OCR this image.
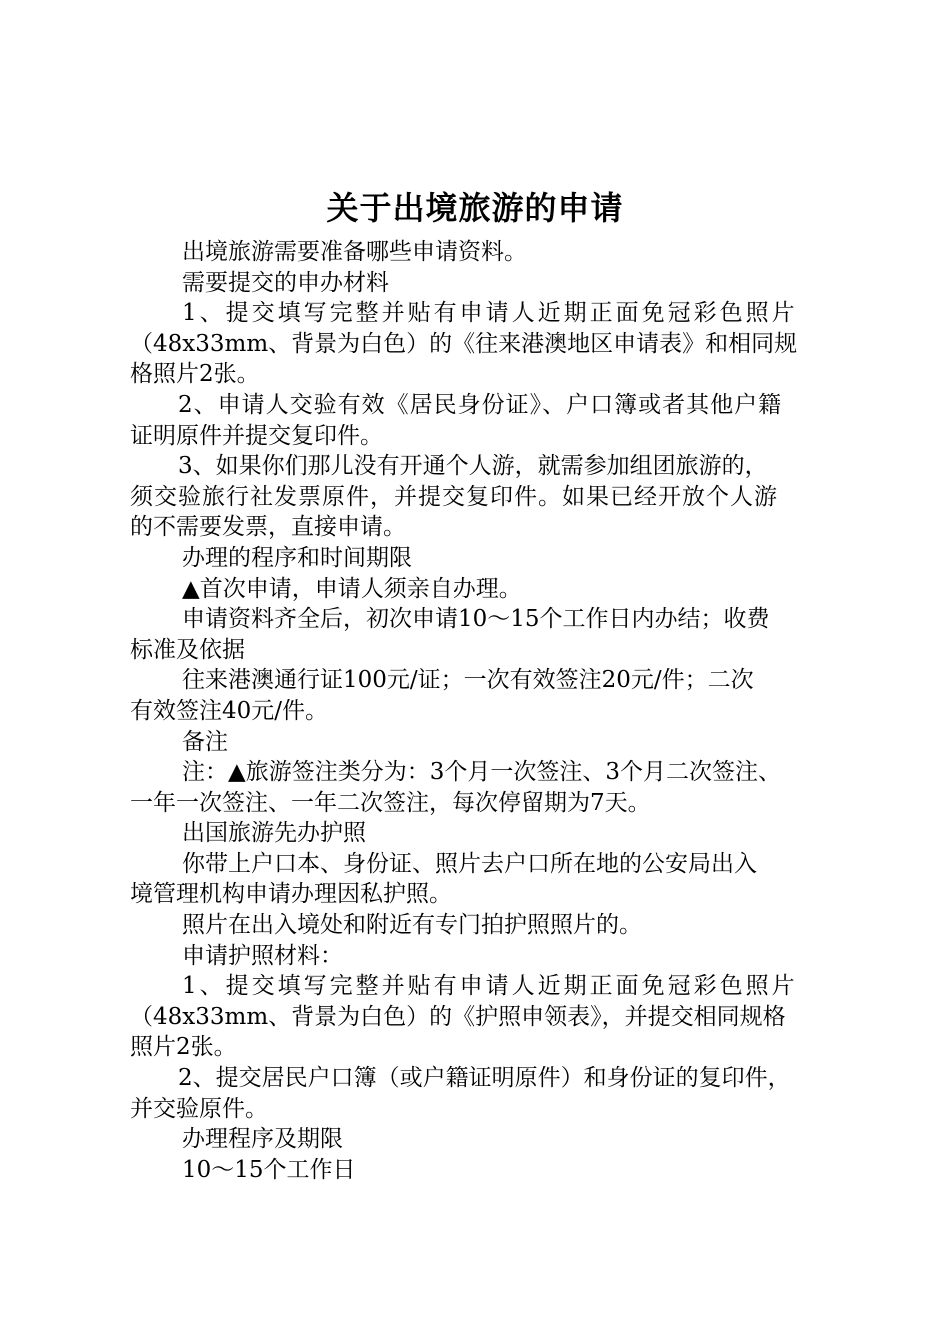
关于出境旅游的申请
出境旅游需要准备哪些申请资料。
需要提交的申办材料
1、提交填写完整并贴有申请人近期正面免冠彩色照片
（48x33mm、背景为白色）的《往来港澳地区申请表》和相同规
格照片2张。
2、申请人交验有效《居民身份证》、户口簿或者其他户籍
证明原件并提交复印件。
3、如果你们那儿没有开通个人游，就需参加组团旅游的，
须交验旅行社发票原件，并提交复印件。如果已经开放个人游
的不需要发票，直接申请。
办理的程序和时间期限
▲首次申请，申请人须亲自办理。
申请资料齐全后，初次申请10～15个工作日内办结；收费
标准及依据
往来港澳通行证100元/证；一次有效签注20元/件；二次
有效签注40元/件。
备注
注：▲旅游签注类分为：3个月一次签注、3个月二次签注、
一年一次签注、一年二次签注，每次停留期为7天。
出国旅游先办护照
你带上户口本、身份证、照片去户口所在地的公安局出入
境管理机构申请办理因私护照。
照片在出入境处和附近有专门拍护照照片的。
申请护照材料：
1、提交填写完整并贴有申请人近期正面免冠彩色照片
（48x33mm、背景为白色）的《护照申领表》，并提交相同规格
照片2张。
2、提交居民户口簿（或户籍证明原件）和身份证的复印件，
并交验原件。
办理程序及期限
10～15个工作日
